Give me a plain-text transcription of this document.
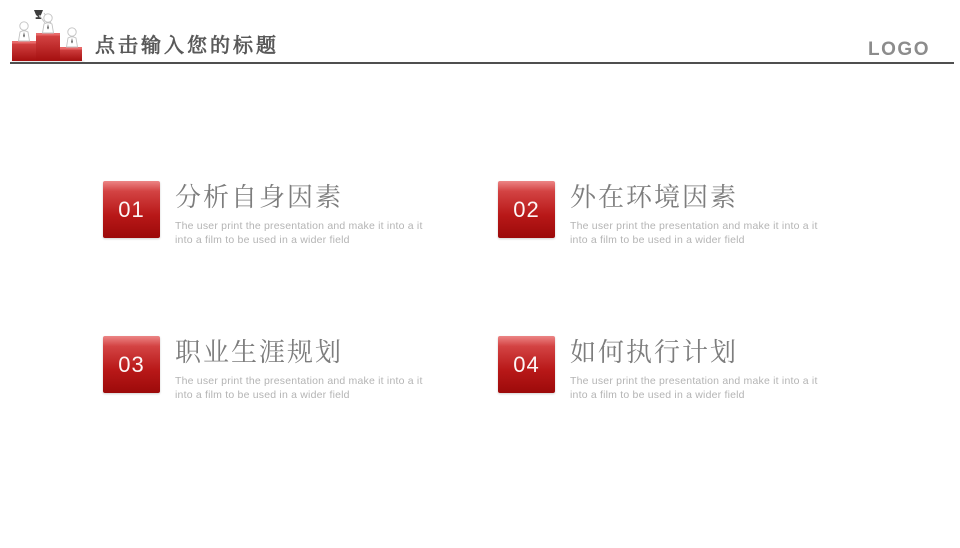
点击输入您的标题	LOGO
01 分析自身因素
The user print the presentation and make it into a it
into a film to be used in a wider field
02 外在环境因素
The user print the presentation and make it into a it
into a film to be used in a wider field
03 职业生涯规划
The user print the presentation and make it into a it
into a film to be used in a wider field
04 如何执行计划
The user print the presentation and make it into a it
into a film to be used in a wider field
